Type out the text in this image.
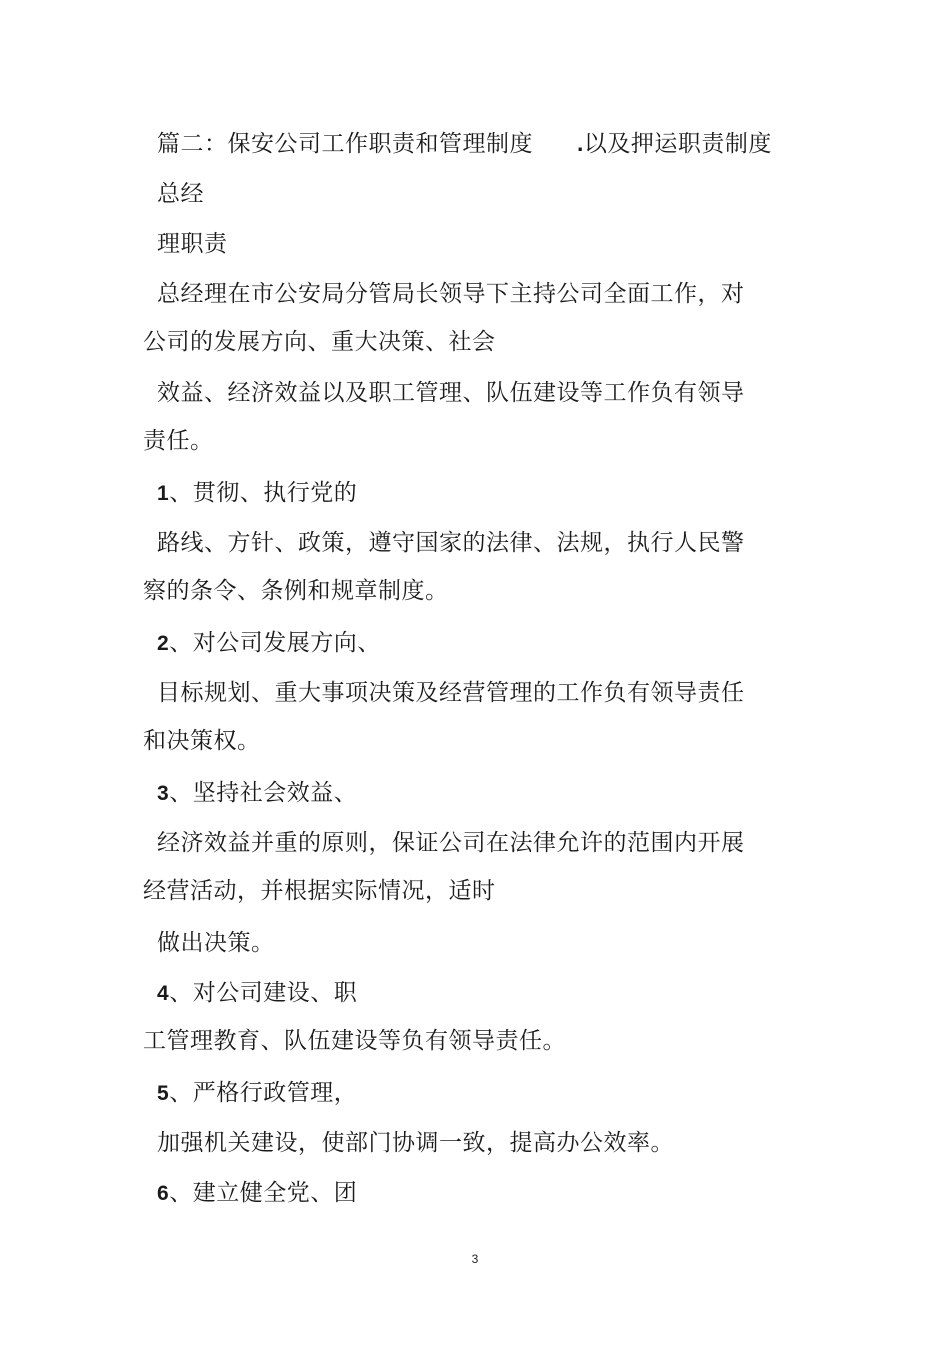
篇二：保安公司工作职责和管理制度 .以及押运职责制度
总经
理职责
总经理在市公安局分管局长领导下主持公司全面工作，对
公司的发展方向、重大决策、社会
效益、经济效益以及职工管理、队伍建设等工作负有领导
责任。
1、贯彻、执行党的
路线、方针、政策，遵守国家的法律、法规，执行人民警
察的条令、条例和规章制度。
2、对公司发展方向、
目标规划、重大事项决策及经营管理的工作负有领导责任
和决策权。
3、坚持社会效益、
经济效益并重的原则，保证公司在法律允许的范围内开展
经营活动，并根据实际情况，适时
做出决策。
4、对公司建设、职
工管理教育、队伍建设等负有领导责任。
5、严格行政管理，
加强机关建设，使部门协调一致，提高办公效率。
6、建立健全党、团
3
